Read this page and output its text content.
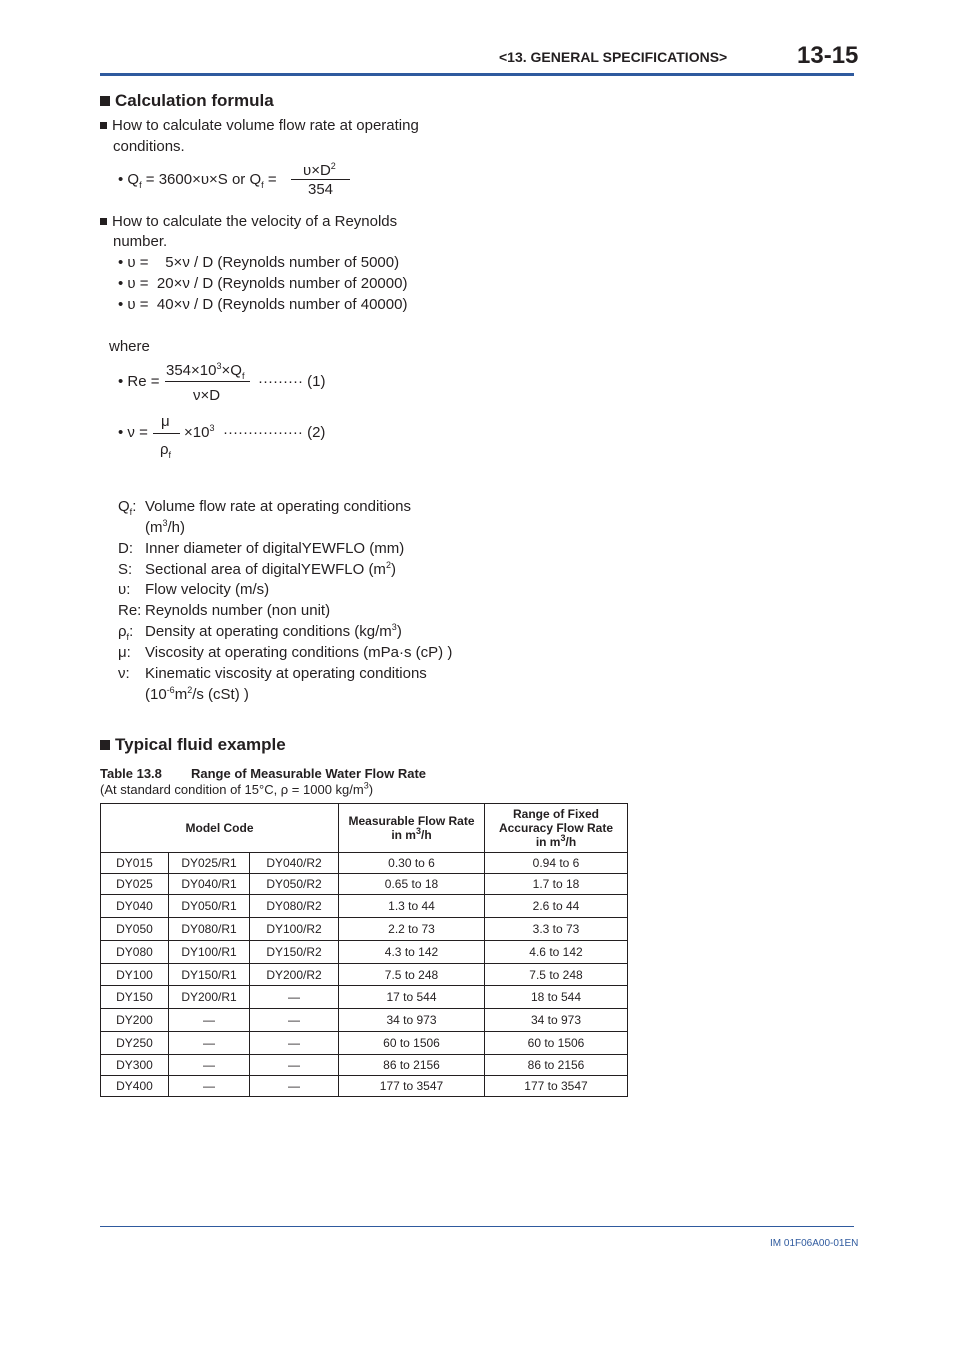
<13. GENERAL SPECIFICATIONS>	13-15
Calculation formula
How to calculate volume flow rate at operating
conditions.
• $Q_f = 3600\times\upsilon\times S$ or $Q_f$ =
$\upsilon\times D^2$
354
How to calculate the velocity of a Reynolds
number.
• υ =    5×ν / D (Reynolds number of 5000)
• υ =  20×ν / D (Reynolds number of 20000)
• υ =  40×ν / D (Reynolds number of 40000)
where
• Re =
$354\times 10^3\times Q_f$
ν×D
········· (1)
• ν =
μ
$\rho_f$
$\times 10^3$ ················ (2)
$Q_f$: Volume flow rate at operating conditions
$(m^3/h)$
D: Inner diameter of digitalYEWFLO (mm)
S: Sectional area of digitalYEWFLO $(m^2)$
υ: Flow velocity (m/s)
Re: Reynolds number (non unit)
$\rho_f$: Density at operating conditions $(kg/m^3)$
μ: Viscosity at operating conditions (mPa·s (cP) )
ν: Kinematic viscosity at operating conditions
($10^{-6}m^2/s$ (cSt) )
Typical fluid example
Table 13.8 Range of Measurable Water Flow Rate
(At standard condition of 15°C, ρ = 1000 $kg/m^3$)
Model Code			Measurable Flow Rate
in $m^3/h$	Range of Fixed
Accuracy Flow Rate
in $m^3/h$
DY015	DY025/R1	DY040/R2	0.30 to 6	0.94 to 6
DY025	DY040/R1	DY050/R2	0.65 to 18	1.7 to 18
DY040	DY050/R1	DY080/R2	1.3 to 44	2.6 to 44
DY050	DY080/R1	DY100/R2	2.2 to 73	3.3 to 73
DY080	DY100/R1	DY150/R2	4.3 to 142	4.6 to 142
DY100	DY150/R1	DY200/R2	7.5 to 248	7.5 to 248
DY150	DY200/R1	—	17 to 544	18 to 544
DY200	—	—	34 to 973	34 to 973
DY250	—	—	60 to 1506	60 to 1506
DY300	—	—	86 to 2156	86 to 2156
DY400	—	—	177 to 3547	177 to 3547
IM 01F06A00-01EN
